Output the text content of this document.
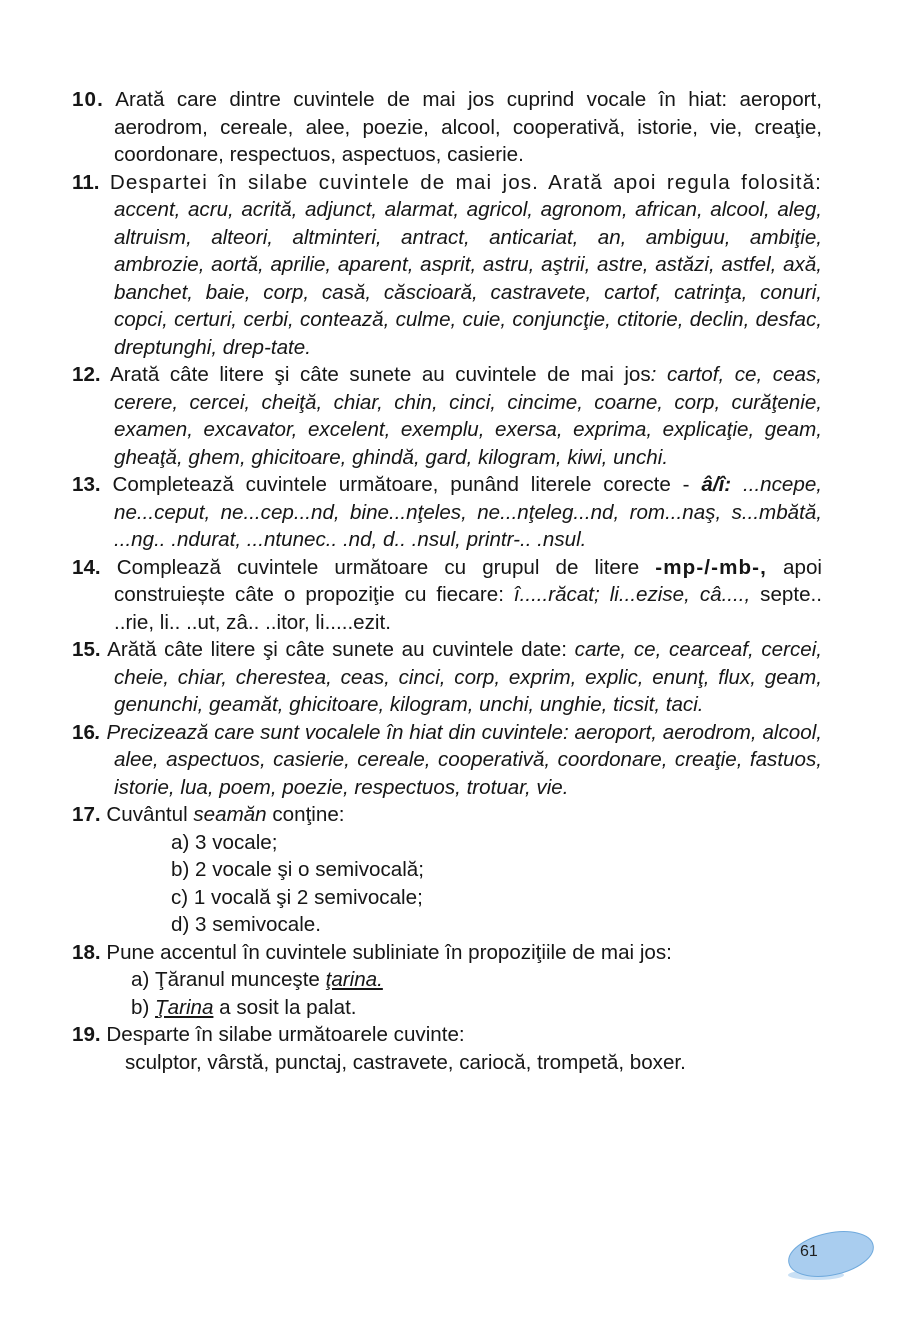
10. Arată care dintre cuvintele de mai jos cuprind vocale în hiat: aeroport, aerodrom, cereale, alee, poezie, alcool, cooperativă, istorie, vie, creaţie, coordonare, respectuos, aspectuos, casierie.
11. Despartei în silabe cuvintele de mai jos. Arată apoi regula folosită: accent, acru, acrită, adjunct, alarmat, agricol, agronom, african, alcool, aleg, altruism, alteori, altminteri, antract, anticariat, an, ambiguu, ambiţie, ambrozie, aortă, aprilie, aparent, asprit, astru, aştrii, astre, astăzi, astfel, axă, banchet, baie, corp, casă, căscioară, castravete, cartof, catrinţa, conuri, copci, certuri, cerbi, contează, culme, cuie, conjuncţie, ctitorie, declin, desfac, dreptunghi, drep-tate.
12. Arată câte litere şi câte sunete au cuvintele de mai jos: cartof, ce, ceas, cerere, cercei, cheiţă, chiar, chin, cinci, cincime, coarne, corp, curăţenie, examen, excavator, excelent, exemplu, exersa, exprima, explicaţie, geam, gheaţă, ghem, ghicitoare, ghindă, gard, kilogram, kiwi, unchi.
13. Completează cuvintele următoare, punând literele corecte - â/î: ...ncepe, ne...ceput, ne...cep...nd, bine...nţeles, ne...nţeleg...nd, rom...naş, s...mbătă, ...ng.. .ndurat, ...ntunec.. .nd, d.. .nsul, printr-.. .nsul.
14. Complează cuvintele următoare cu grupul de litere -mp-/-mb-, apoi construiește câte o propoziţie cu fiecare: î.....răcat; li...ezise, câ...., septe.. ..rie, li.. ..ut, zâ.. ..itor, li.....ezit.
15. Arătă câte litere şi câte sunete au cuvintele date: carte, ce, cearceaf, cercei, cheie, chiar, cherestea, ceas, cinci, corp, exprim, explic, enunţ, flux, geam, genunchi, geamăt, ghicitoare, kilogram, unchi, unghie, ticsit, taci.
16. Precizează care sunt vocalele în hiat din cuvintele: aeroport, aerodrom, alcool, alee, aspectuos, casierie, cereale, cooperativă, coordonare, creaţie, fastuos, istorie, lua, poem, poezie, respectuos, trotuar, vie.
17. Cuvântul seamăn conţine:
a) 3 vocale;
b) 2 vocale şi o semivocală;
c) 1 vocală şi 2 semivocale;
d) 3 semivocale.
18. Pune accentul în cuvintele subliniate în propoziţiile de mai jos:
a) Ţăranul munceşte ţarina.
b) Ţarina a sosit la palat.
19. Desparte în silabe următoarele cuvinte:
sculptor, vârstă, punctaj, castravete, cariocă, trompetă, boxer.
61
